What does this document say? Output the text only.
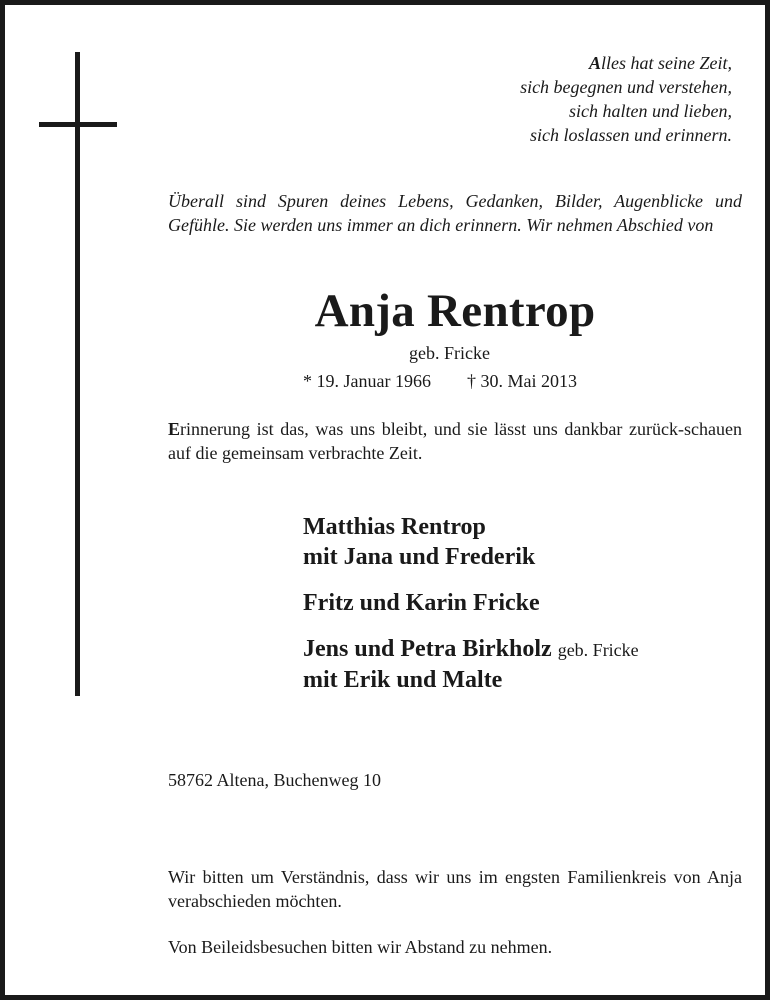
Alles hat seine Zeit,
sich begegnen und verstehen,
sich halten und lieben,
sich loslassen und erinnern.
Überall sind Spuren deines Lebens, Gedanken, Bilder, Augenblicke und Gefühle. Sie werden uns immer an dich erinnern. Wir nehmen Abschied von
Anja Rentrop
geb. Fricke
* 19. Januar 1966 † 30. Mai 2013
Erinnerung ist das, was uns bleibt, und sie lässt uns dankbar zurück-schauen auf die gemeinsam verbrachte Zeit.
Matthias Rentrop
mit Jana und Frederik
Fritz und Karin Fricke
Jens und Petra Birkholz geb. Fricke
mit Erik und Malte
58762 Altena, Buchenweg 10
Wir bitten um Verständnis, dass wir uns im engsten Familienkreis von Anja verabschieden möchten.
Von Beileidsbesuchen bitten wir Abstand zu nehmen.
